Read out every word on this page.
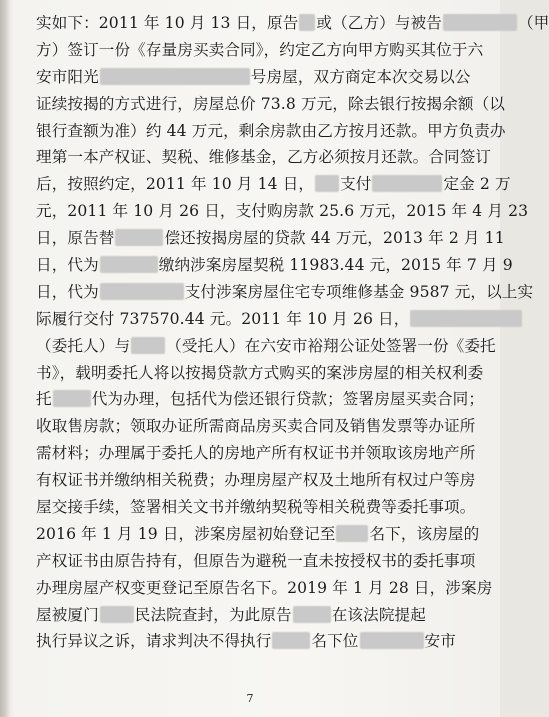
实如下：2011 年 10 月 13 日，原告 或（乙方）与被告	（甲
方）签订一份《存量房买卖合同》，约定乙方向甲方购买其位于六
安市阳光	号房屋，双方商定本次交易以公
证续按揭的方式进行，房屋总价 73.8 万元，除去银行按揭余额（以
银行查额为准）约 44 万元，剩余房款由乙方按月还款。甲方负责办
理第一本产权证、契税、维修基金，乙方必须按月还款。合同签订
后，按照约定，2011 年 10 月 14 日， 支付	定金 2 万
元，2011 年 10 月 26 日，支付购房款 25.6 万元，2015 年 4 月 23
日，原告替	偿还按揭房屋的贷款 44 万元，2013 年 2 月 11
日，代为	缴纳涉案房屋契税 11983.44 元，2015 年 7 月 9
日，代为	支付涉案房屋住宅专项维修基金 9587 元，以上实
际履行交付 737570.44 元。2011 年 10 月 26 日，
（委托人）与 （受托人）在六安市裕翔公证处签署一份《委托
书》，载明委托人将以按揭贷款方式购买的案涉房屋的相关权利委
托	代为办理，包括代为偿还银行贷款；签署房屋买卖合同；
收取售房款；领取办证所需商品房买卖合同及销售发票等办证所
需材料；办理属于委托人的房地产所有权证书并领取该房地产所
有权证书并缴纳相关税费；办理房屋产权及土地所有权过户等房
屋交接手续，签署相关文书并缴纳契税等相关税费等委托事项。
2016 年 1 月 19 日，涉案房屋初始登记至 名下，该房屋的
产权证书由原告持有，但原告为避税一直未按授权书的委托事项
办理房屋产权变更登记至原告名下。2019 年 1 月 28 日，涉案房
屋被厦门 民法院查封，为此原告	在该法院提起
执行异议之诉，请求判决不得执行	名下位	安市
7
